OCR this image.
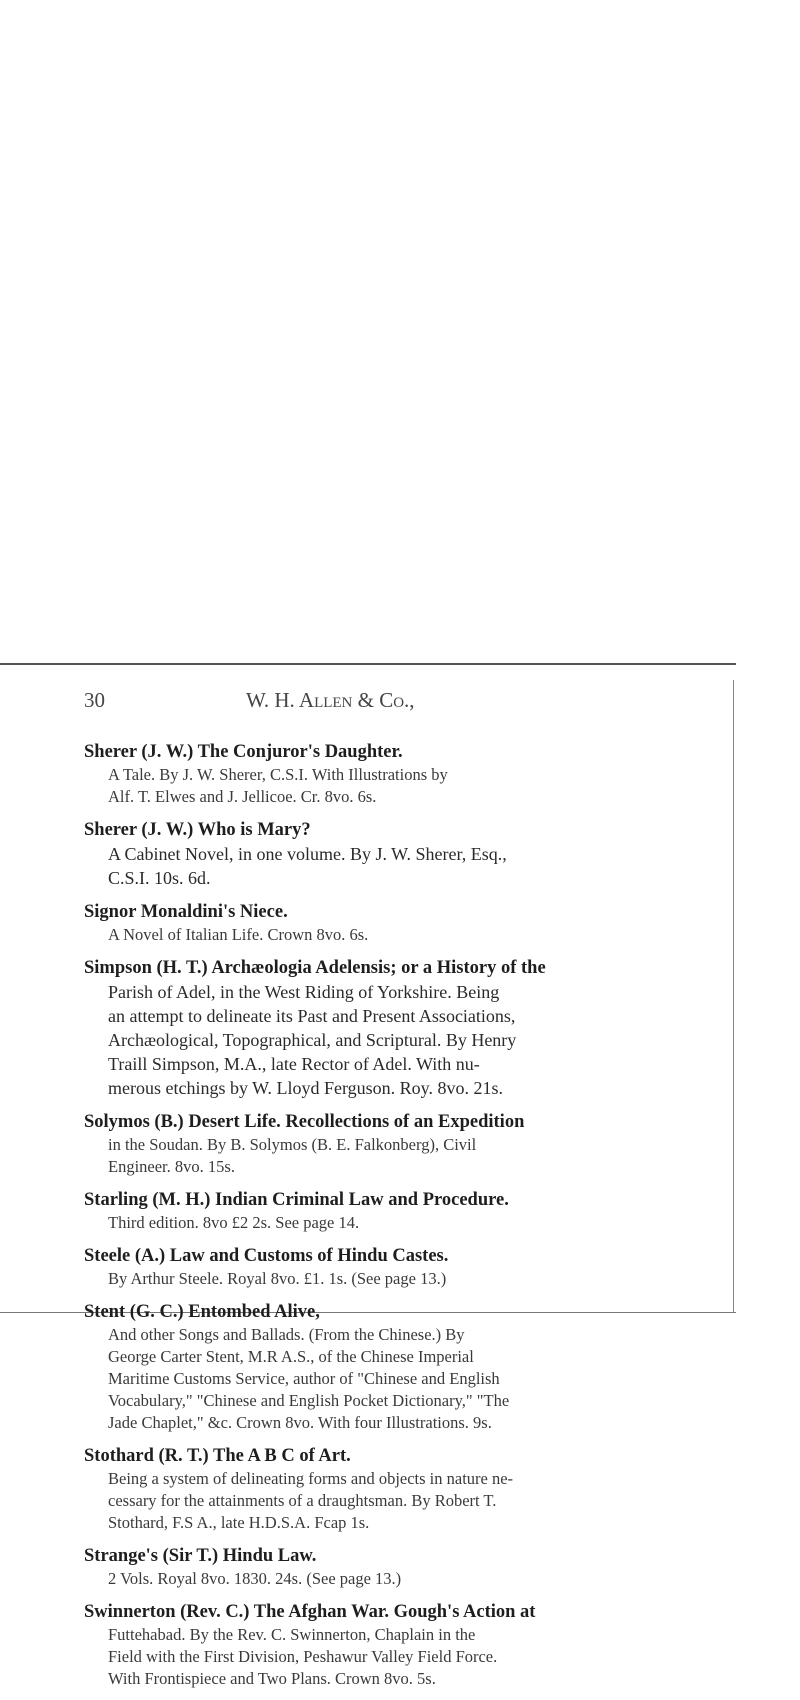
30	W. H. Allen & Co.,
Sherer (J. W.) The Conjuror's Daughter.
A Tale. By J. W. Sherer, C.S.I. With Illustrations by
Alf. T. Elwes and J. Jellicoe. Cr. 8vo. 6s.
Sherer (J. W.) Who is Mary?
A Cabinet Novel, in one volume. By J. W. Sherer, Esq.,
C.S.I. 10s. 6d.
Signor Monaldini's Niece.
A Novel of Italian Life. Crown 8vo. 6s.
Simpson (H. T.) Archæologia Adelensis; or a History of the
Parish of Adel, in the West Riding of Yorkshire. Being
an attempt to delineate its Past and Present Associations,
Archæological, Topographical, and Scriptural. By Henry
Traill Simpson, M.A., late Rector of Adel. With nu-
merous etchings by W. Lloyd Ferguson. Roy. 8vo. 21s.
Solymos (B.) Desert Life. Recollections of an Expedition
in the Soudan. By B. Solymos (B. E. Falkonberg), Civil
Engineer. 8vo. 15s.
Starling (M. H.) Indian Criminal Law and Procedure.
Third edition. 8vo £2 2s. See page 14.
Steele (A.) Law and Customs of Hindu Castes.
By Arthur Steele. Royal 8vo. £1. 1s. (See page 13.)
Stent (G. C.) Entombed Alive,
And other Songs and Ballads. (From the Chinese.) By
George Carter Stent, M.R A.S., of the Chinese Imperial
Maritime Customs Service, author of "Chinese and English
Vocabulary," "Chinese and English Pocket Dictionary," "The
Jade Chaplet," &c. Crown 8vo. With four Illustrations. 9s.
Stothard (R. T.) The A B C of Art.
Being a system of delineating forms and objects in nature ne-
cessary for the attainments of a draughtsman. By Robert T.
Stothard, F.S A., late H.D.S.A. Fcap 1s.
Strange's (Sir T.) Hindu Law.
2 Vols. Royal 8vo. 1830. 24s. (See page 13.)
Swinnerton (Rev. C.) The Afghan War. Gough's Action at
Futtehabad. By the Rev. C. Swinnerton, Chaplain in the
Field with the First Division, Peshawur Valley Field Force.
With Frontispiece and Two Plans. Crown 8vo. 5s.
